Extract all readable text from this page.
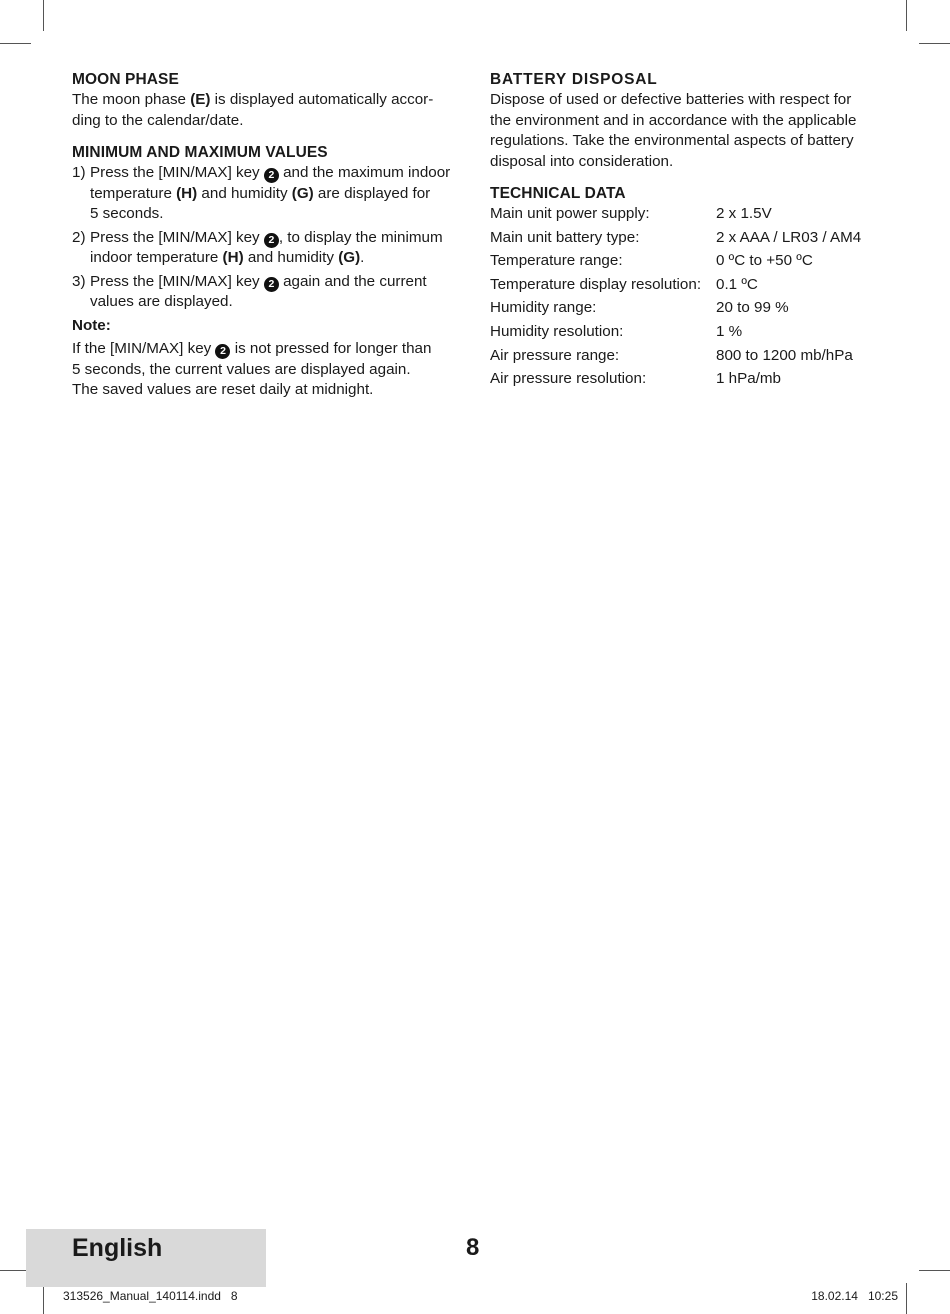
MOON PHASE

The moon phase (E) is displayed automatically accor-
ding to the calendar/date.

MINIMUM AND MAXIMUM VALUES
1) Press the [MIN/MAX] key 2 and the maximum indoor
temperature (H) and humidity (G) are displayed for
5 seconds.
2) Press the [MIN/MAX] key 2 , to display the minimum
indoor temperature (H) and humidity (G).
3) Press the [MIN/MAX] key 2 again and the current
values are displayed.
Note:

If the [MIN/MAX] key 2 is not pressed for longer than
5 seconds, the current values are displayed again.
The saved values are reset daily at midnight.

BATTERY DISPOSAL

Dispose of used or defective batteries with respect for
the environment and in accordance with the applicable
regulations. Take the environmental aspects of battery
disposal into consideration.

TECHNICAL DATA
Main unit power supply:	2 x 1.5V
Main unit battery type:	2 x AAA / LR03 / AM4
Temperature range:	0 ºC to +50 ºC
Temperature display resolution:	0.1 ºC
Humidity range:	20 to 99 %
Humidity resolution:	1 %
Air pressure range:	800 to 1200 mb/hPa
Air pressure resolution:	1 hPa/mb
English	8
313526_Manual_140114.indd   8	18.02.14   10:25
